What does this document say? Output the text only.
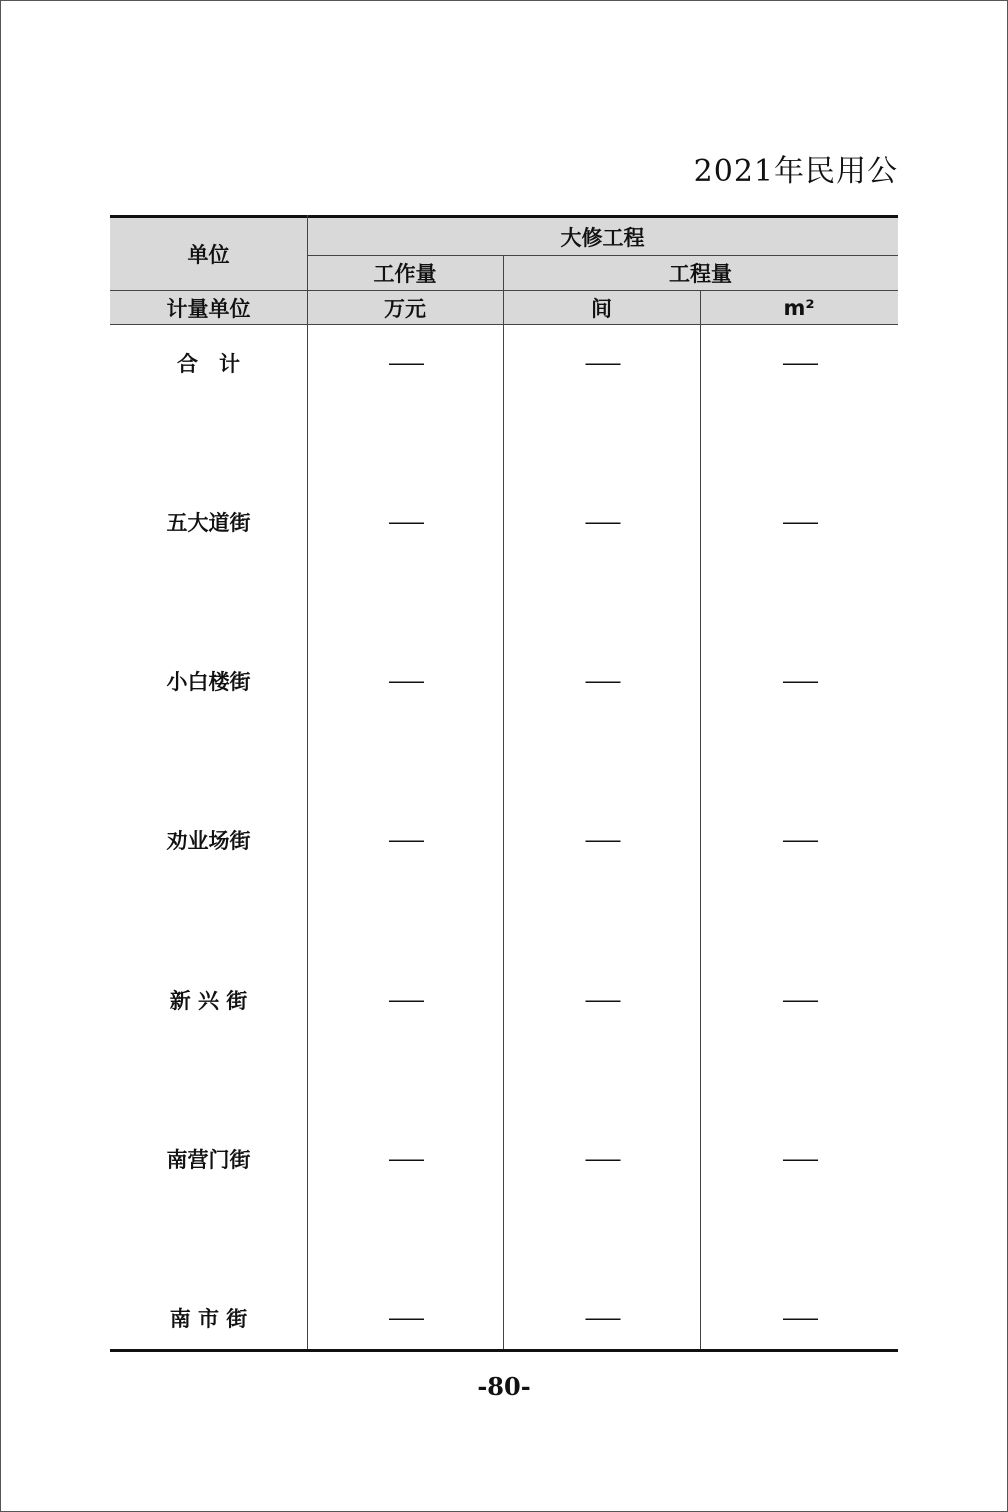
2021年民用公
单位
大修工程
工作量	工程量
计量单位	万元	间	m²
合　计	——	——	——
五大道街	——	——	——
小白楼街	——	——	——
劝业场街	——	——	——
新 兴 街	——	——	——
南营门街	——	——	——
南 市 街	——	——	——
-80-
